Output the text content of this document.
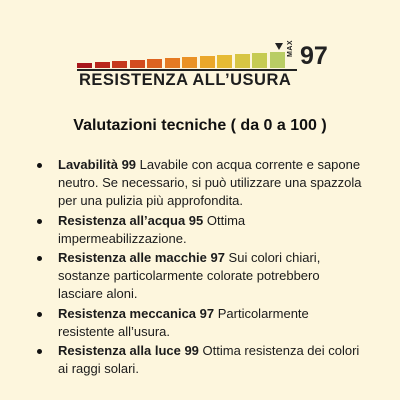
MAX 97
RESISTENZA ALL’USURA
Valutazioni tecniche ( da 0 a 100 )
Lavabilità 99 Lavabile con acqua corrente e sapone neutro. Se necessario, si può utilizzare una spazzola per una pulizia più approfondita.
Resistenza all’acqua 95 Ottima impermeabilizzazione.
Resistenza alle macchie 97 Sui colori chiari, sostanze particolarmente colorate potrebbero lasciare aloni.
Resistenza meccanica 97 Particolarmente resistente all’usura.
Resistenza alla luce 99 Ottima resistenza dei colori ai raggi solari.
